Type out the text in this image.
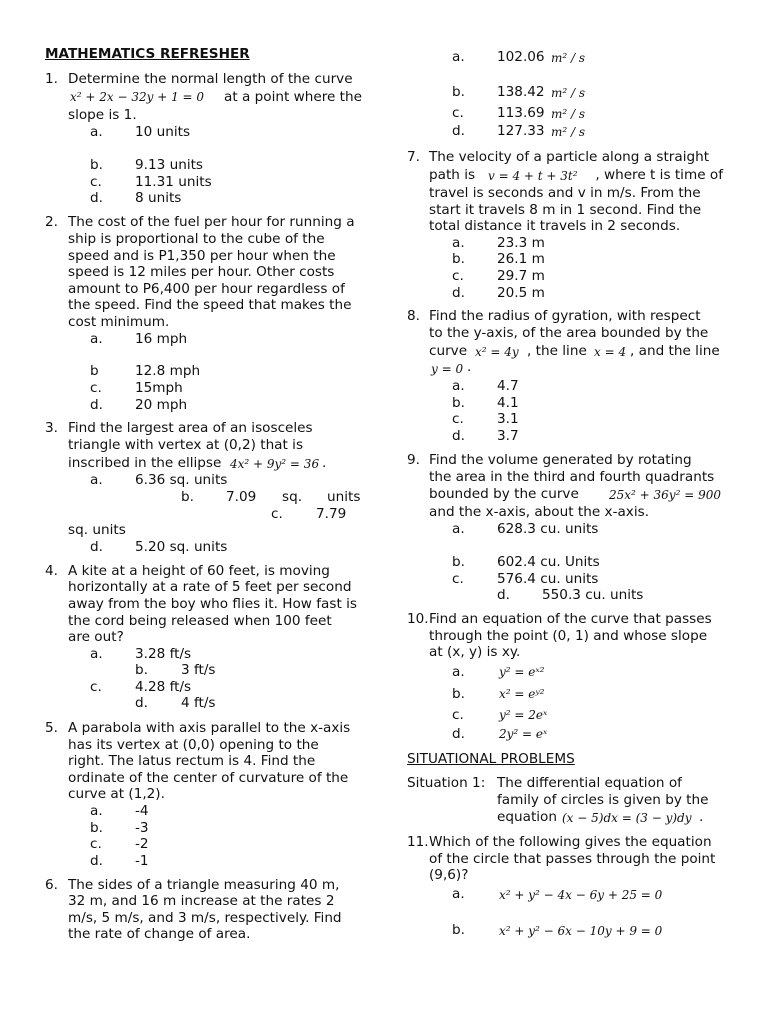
MATHEMATICS REFRESHER
1. Determine the normal length of the curve
x² + 2x − 32y + 1 = 0	at a point where the
slope is 1.
a. 10 units
b. 9.13 units
c. 11.31 units
d. 8 units
2. The cost of the fuel per hour for running a
ship is proportional to the cube of the
speed and is P1,350 per hour when the
speed is 12 miles per hour. Other costs
amount to P6,400 per hour regardless of
the speed. Find the speed that makes the
cost minimum.
a. 16 mph
b	12.8 mph
c. 15mph
d. 20 mph
3. Find the largest area of an isosceles
triangle with vertex at (0,2) that is
inscribed in the ellipse 4x² + 9y² = 36 .
a. 6.36 sq. units
b. 7.09 sq. units
c. 7.79
sq. units
d. 5.20 sq. units
4. A kite at a height of 60 feet, is moving
horizontally at a rate of 5 feet per second
away from the boy who flies it. How fast is
the cord being released when 100 feet
are out?
a. 3.28 ft/s
b. 3 ft/s
c. 4.28 ft/s
d. 4 ft/s
5. A parabola with axis parallel to the x-axis
has its vertex at (0,0) opening to the
right. The latus rectum is 4. Find the
ordinate of the center of curvature of the
curve at (1,2).
a. -4
b. -3
c. -2
d. -1
6. The sides of a triangle measuring 40 m,
32 m, and 16 m increase at the rates 2
m/s, 5 m/s, and 3 m/s, respectively. Find
the rate of change of area.
a. 102.06 m² / s
b. 138.42 m² / s
c. 113.69 m² / s
d. 127.33 m² / s
7. The velocity of a particle along a straight
path is v = 4 + t + 3t²	, where t is time of
travel is seconds and v in m/s. From the
start it travels 8 m in 1 second. Find the
total distance it travels in 2 seconds.
a. 23.3 m
b. 26.1 m
c. 29.7 m
d. 20.5 m
8. Find the radius of gyration, with respect
to the y-axis, of the area bounded by the
curve x² = 4y , the line x = 4 , and the line
y = 0 .
a. 4.7
b. 4.1
c. 3.1
d. 3.7
9. Find the volume generated by rotating
the area in the third and fourth quadrants
bounded by the curve	25x² + 36y² = 900
and the x-axis, about the x-axis.
a. 628.3 cu. units
b. 602.4 cu. Units
c. 576.4 cu. units
d. 550.3 cu. units
10. Find an equation of the curve that passes
through the point (0, 1) and whose slope
at (x, y) is xy.
a.	y² = eˣ²
b.	x² = eʸ²
c.	y² = 2eˣ
d.	2y² = eˣ
SITUATIONAL PROBLEMS
Situation 1: The differential equation of
family of circles is given by the
equation (x − 5)dx = (3 − y)dy .
11. Which of the following gives the equation
of the circle that passes through the point
(9,6)?
a.	x² + y² − 4x − 6y + 25 = 0
b.	x² + y² − 6x − 10y + 9 = 0
